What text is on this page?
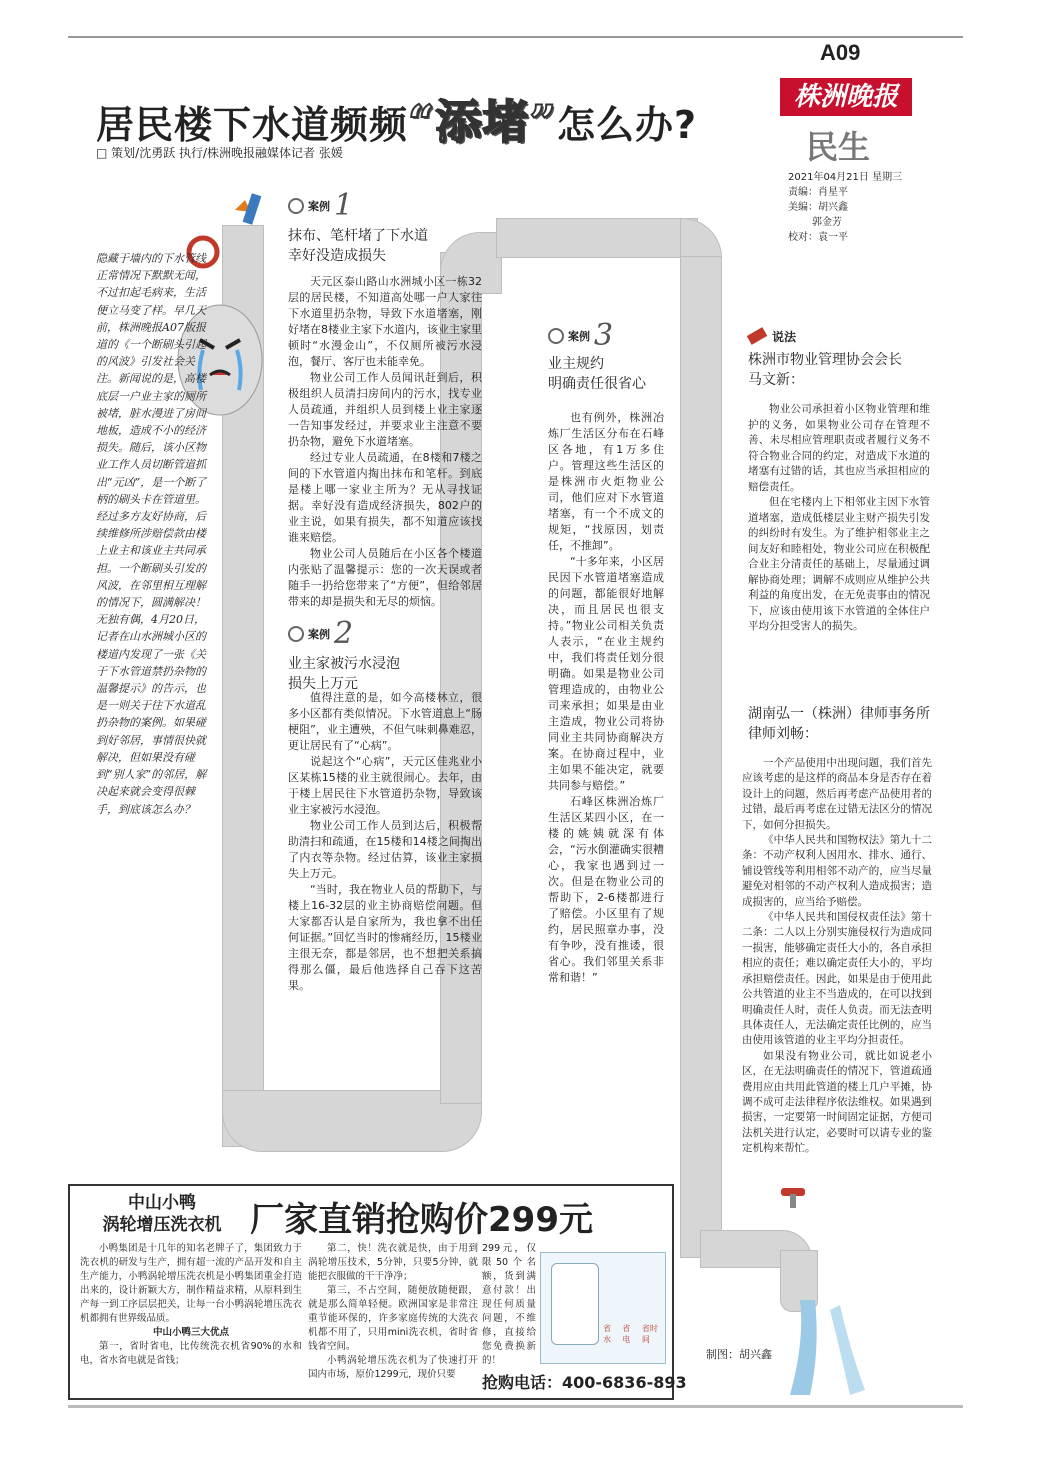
A09
居民楼下水道频频“添堵”怎么办?
株洲晚报
民生
□ 策划/沈勇跃 执行/株洲晚报融媒体记者 张媛
2021年04月21日 星期三
责编：肖星平
美编：胡兴鑫
郭金芳
校对：袁一平
隐藏于墙内的下水管线正常情况下默默无闻，不过扣起毛病来，生活便立马变了样。早几天前，株洲晚报A07版报道的《一个断刷头引起的风波》引发社会关注。新闻说的是，高楼底层一户业主家的厕所被堵，脏水漫进了房间地板，造成不小的经济损失。随后，该小区物业工作人员切断管道抓出“元凶”，是一个断了柄的刷头卡在管道里。经过多方友好协商，后续维修所涉赔偿款由楼上业主和该业主共同承担。一个断刷头引发的风波，在邻里相互理解的情况下，圆满解决！无独有偶，4月20日，记者在山水洲城小区的楼道内发现了一张《关于下水管道禁扔杂物的温馨提示》的告示，也是一则关于往下水道乱扔杂物的案例。如果碰到好邻居，事情很快就解决，但如果没有碰到“别人家”的邻居，解决起来就会变得很棘手，到底该怎么办？
案例 1
抹布、笔杆堵了下水道
幸好没造成损失

天元区泰山路山水洲城小区一栋32层的居民楼，不知道高处哪一户人家往下水道里扔杂物，导致下水道堵塞，刚好堵在8楼业主家下水道内，该业主家里顿时“水漫金山”，不仅厕所被污水浸泡，餐厅、客厅也未能幸免。

物业公司工作人员闻讯赶到后，积极组织人员清扫房间内的污水，找专业人员疏通，并组织人员到楼上业主家逐一告知事发经过，并要求业主注意不要扔杂物，避免下水道堵塞。

经过专业人员疏通，在8楼和7楼之间的下水管道内掏出抹布和笔杆。到底是楼上哪一家业主所为？无从寻找证据。幸好没有造成经济损失，802户的业主说，如果有损失，都不知道应该找谁来赔偿。

物业公司人员随后在小区各个楼道内张贴了温馨提示：您的一次天误或者随手一扔给您带来了“方便”，但给邻居带来的却是损失和无尽的烦恼。

案例 2
业主家被污水浸泡
损失上万元

值得注意的是，如今高楼林立，很多小区都有类似情况。下水管道息上“肠梗阻”，业主遭殃，不但气味刺鼻难忍，更让居民有了“心病”。

说起这个“心病”，天元区佳兆业小区某栋15楼的业主就很闹心。去年，由于楼上居民往下水管道扔杂物，导致该业主家被污水浸泡。

物业公司工作人员到达后，积极帮助清扫和疏通，在15楼和14楼之间掏出了内衣等杂物。经过估算，该业主家损失上万元。

“当时，我在物业人员的帮助下，与楼上16-32层的业主协商赔偿问题。但大家都否认是自家所为，我也拿不出任何证据。”回忆当时的惨痛经历，15楼业主很无奈，都是邻居，也不想把关系搞得那么僵，最后他选择自己吞下这苦果。

案例 3
业主规约
明确责任很省心

也有例外，株洲冶炼厂生活区分布在石峰区各地，有1万多住户。管理这些生活区的是株洲市火炬物业公司，他们应对下水管道堵塞，有一个不成文的规矩，“找原因，划责任，不推卸”。

“十多年来，小区居民因下水管道堵塞造成的问题，都能很好地解决，而且居民也很支持。”物业公司相关负责人表示，“在业主规约中，我们将责任划分很明确。如果是物业公司管理造成的，由物业公司来承担；如果是由业主造成，物业公司将协同业主共同协商解决方案。在协商过程中，业主如果不能决定，就要共同参与赔偿。”

石峰区株洲冶炼厂生活区某四小区，在一楼的姚姨就深有体会，“污水倒灌确实很糟心，我家也遇到过一次。但是在物业公司的帮助下，2-6楼都进行了赔偿。小区里有了规约，居民照章办事，没有争吵，没有推诿，很省心。我们邻里关系非常和谐！”

说法
株洲市物业管理协会会长
马文新：

物业公司承担着小区物业管理和维护的义务，如果物业公司存在管理不善、未尽相应管理职责或者履行义务不符合物业合同的约定，对造成下水道的堵塞有过错的话，其也应当承担相应的赔偿责任。

但在宅楼内上下相邻业主因下水管道堵塞，造成低楼层业主财产损失引发的纠纷时有发生。为了维护相邻业主之间友好和睦相处，物业公司应在积极配合业主分清责任的基础上，尽量通过调解协商处理；调解不成则应从维护公共利益的角度出发，在无免责事由的情况下，应该由使用该下水管道的全体住户平均分担受害人的损失。

湖南弘一（株洲）律师事务所
律师刘畅：

一个产品使用中出现问题，我们首先应该考虑的是这样的商品本身是否存在着设计上的问题，然后再考虑产品使用者的过错，最后再考虑在过错无法区分的情况下，如何分担损失。

《中华人民共和国物权法》第九十二条：不动产权利人因用水、排水、通行、铺设管线等利用相邻不动产的，应当尽量避免对相邻的不动产权利人造成损害；造成损害的，应当给予赔偿。

《中华人民共和国侵权责任法》第十二条：二人以上分别实施侵权行为造成同一损害，能够确定责任大小的，各自承担相应的责任；难以确定责任大小的，平均承担赔偿责任。因此，如果是由于使用此公共管道的业主不当造成的，在可以找到明确责任人时，责任人负责。而无法查明具体责任人，无法确定责任比例的，应当由使用该管道的业主平均分担责任。

如果没有物业公司，就比如说老小区，在无法明确责任的情况下，管道疏通费用应由共用此管道的楼上几户平摊，协调不成可走法律程序依法维权。如果遇到损害，一定要第一时间固定证据，方便司法机关进行认定，必要时可以请专业的鉴定机构来帮忙。

中山小鸭
涡轮增压洗衣机 厂家直销抢购价299元

小鸭集团是十几年的知名老牌子了，集团致力于洗衣机的研发与生产，拥有超一流的产品开发和自主生产能力，小鸭涡轮增压洗衣机是小鸭集团重金打造出来的，设计新颖大方，制作精益求精，从原料到生产每一到工序层层把关，让每一台小鸭涡轮增压洗衣机都拥有世界级品质。

中山小鸭三大优点

第一，省时省电，比传统洗衣机省90%的水和电，省水省电就是省钱；

第二，快！洗衣就是快，由于用到涡轮增压技术，5分钟，只要5分钟，就能把衣服做的干干净净；

第三，不占空间，随便放随便跟，就是那么简单轻便。欧洲国家是非常注重节能环保的，许多家庭传统的大洗衣机都不用了，只用mini洗衣机，省时省钱省空间。

小鸭涡轮增压洗衣机为了快速打开国内市场，原价1299元，现价只要

299元，仅限50个名额，货到满意付款！出现任何质量问题，不维修，直接给您免费换新的！
省水
省电
省时间
抢购电话：400-6836-893
制图：胡兴鑫
